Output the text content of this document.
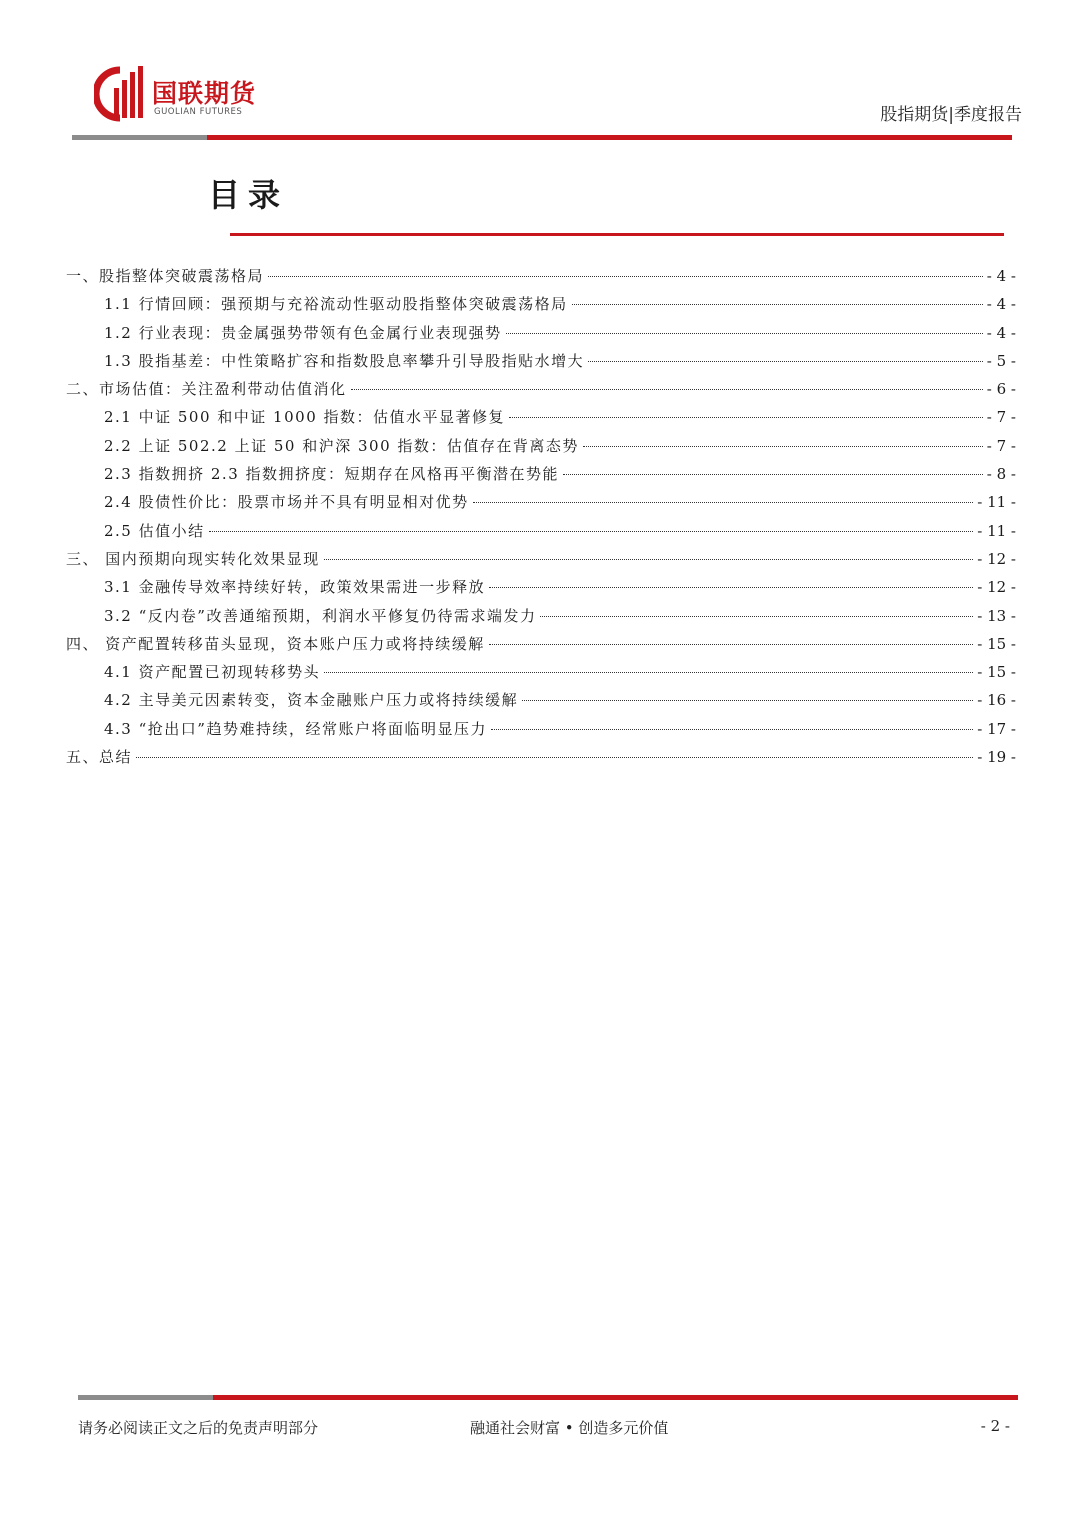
国联期货
GUOLIAN FUTURES	股指期货|季度报告
目录
一、股指整体突破震荡格局	- 4 -
1.1 行情回顾：强预期与充裕流动性驱动股指整体突破震荡格局	- 4 -
1.2 行业表现：贵金属强势带领有色金属行业表现强势	- 4 -
1.3 股指基差：中性策略扩容和指数股息率攀升引导股指贴水增大	- 5 -
二、市场估值：关注盈利带动估值消化	- 6 -
2.1 中证 500 和中证 1000 指数：估值水平显著修复	- 7 -
2.2 上证 502.2 上证 50 和沪深 300 指数：估值存在背离态势	- 7 -
2.3 指数拥挤 2.3 指数拥挤度：短期存在风格再平衡潜在势能	- 8 -
2.4 股债性价比：股票市场并不具有明显相对优势	- 11 -
2.5 估值小结	- 11 -
三、 国内预期向现实转化效果显现	- 12 -
3.1 金融传导效率持续好转，政策效果需进一步释放	- 12 -
3.2 “反内卷”改善通缩预期，利润水平修复仍待需求端发力	- 13 -
四、 资产配置转移苗头显现，资本账户压力或将持续缓解	- 15 -
4.1 资产配置已初现转移势头	- 15 -
4.2 主导美元因素转变，资本金融账户压力或将持续缓解	- 16 -
4.3 “抢出口”趋势难持续，经常账户将面临明显压力	- 17 -
五、总结	- 19 -
请务必阅读正文之后的免责声明部分	融通社会财富 • 创造多元价值	- 2 -
